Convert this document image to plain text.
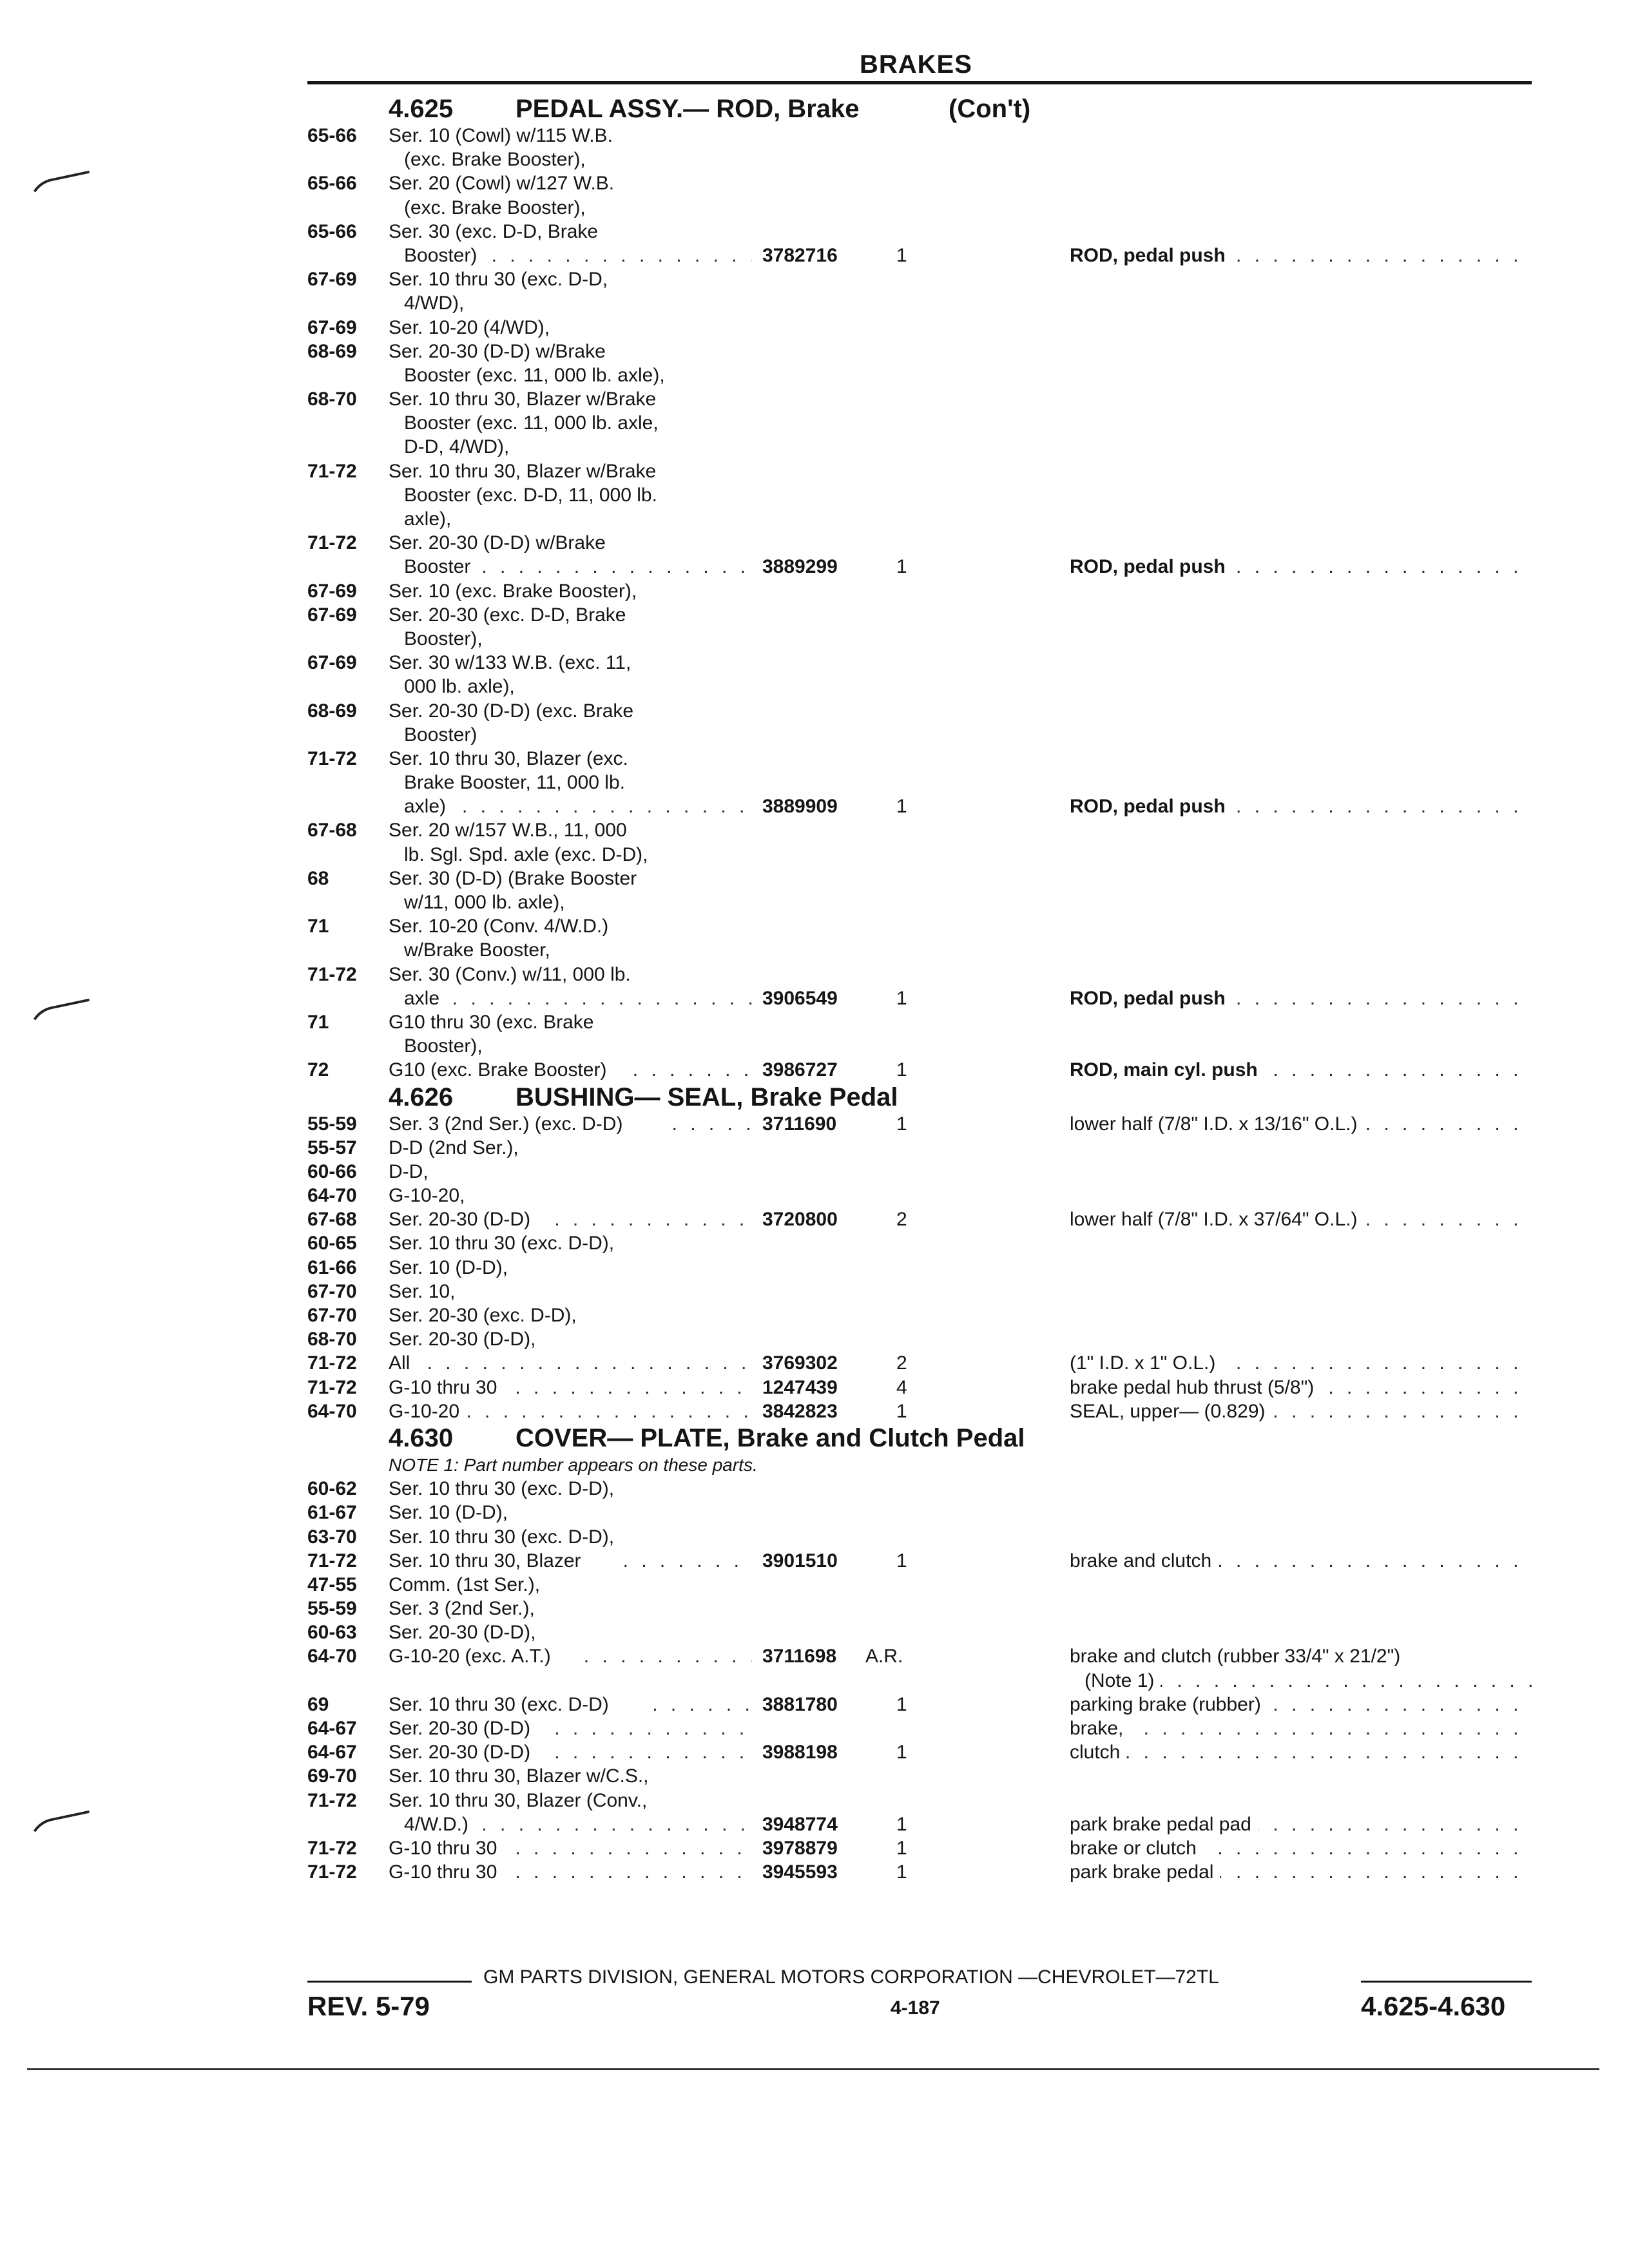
BRAKES
4.625 PEDAL ASSY.— ROD, Brake	(Con't)
65-66 Ser. 10 (Cowl) w/115 W.B.
(exc. Brake Booster),
65-66 Ser. 20 (Cowl) w/127 W.B.
(exc. Brake Booster),
65-66 Ser. 30 (exc. D-D, Brake
Booster) . . .	3782716	1 . . .	ROD, pedal push
67-69 Ser. 10 thru 30 (exc. D-D,
4/WD),
67-69 Ser. 10-20 (4/WD),
68-69 Ser. 20-30 (D-D) w/Brake
Booster (exc. 11, 000 lb. axle),
68-70 Ser. 10 thru 30, Blazer w/Brake
Booster (exc. 11, 000 lb. axle,
D-D, 4/WD),
71-72 Ser. 10 thru 30, Blazer w/Brake
Booster (exc. D-D, 11, 000 lb.
axle),
71-72 Ser. 20-30 (D-D) w/Brake
Booster . . .	3889299	1 . . .	ROD, pedal push
67-69 Ser. 10 (exc. Brake Booster),
67-69 Ser. 20-30 (exc. D-D, Brake
Booster),
67-69 Ser. 30 w/133 W.B. (exc. 11,
000 lb. axle),
68-69 Ser. 20-30 (D-D) (exc. Brake
Booster)
71-72 Ser. 10 thru 30, Blazer (exc.
Brake Booster, 11, 000 lb.
axle) . . .	3889909	1 . . .	ROD, pedal push
67-68 Ser. 20 w/157 W.B., 11, 000
lb. Sgl. Spd. axle (exc. D-D),
68	Ser. 30 (D-D) (Brake Booster
w/11, 000 lb. axle),
71	Ser. 10-20 (Conv. 4/W.D.)
w/Brake Booster,
71-72 Ser. 30 (Conv.) w/11, 000 lb.
axle . . .	3906549	1 . . .	ROD, pedal push
71	G10 thru 30 (exc. Brake
Booster),
72	G10 (exc. Brake Booster) . . .	3986727	1 . . .	ROD, main cyl. push
4.626 BUSHING— SEAL, Brake Pedal
55-59 Ser. 3 (2nd Ser.) (exc. D-D) . . .	3711690	1 . . .	lower half (7/8" I.D. x 13/16" O.L.)
55-57 D-D (2nd Ser.),
60-66 D-D,
64-70 G-10-20,
67-68 Ser. 20-30 (D-D) . . .	3720800	2 . . .	lower half (7/8" I.D. x 37/64" O.L.)
60-65 Ser. 10 thru 30 (exc. D-D),
61-66 Ser. 10 (D-D),
67-70 Ser. 10,
67-70 Ser. 20-30 (exc. D-D),
68-70 Ser. 20-30 (D-D),
71-72 All . . .	3769302	2 . . .	(1" I.D. x 1" O.L.)
71-72 G-10 thru 30 . . .	1247439	4 . . .	brake pedal hub thrust (5/8")
64-70 G-10-20 . . .	3842823	1 . . .	SEAL, upper— (0.829)
4.630 COVER— PLATE, Brake and Clutch Pedal
NOTE 1: Part number appears on these parts.
60-62 Ser. 10 thru 30 (exc. D-D),
61-67 Ser. 10 (D-D),
63-70 Ser. 10 thru 30 (exc. D-D),
71-72 Ser. 10 thru 30, Blazer . . .	3901510	1 . . .	brake and clutch
47-55 Comm. (1st Ser.),
55-59 Ser. 3 (2nd Ser.),
60-63 Ser. 20-30 (D-D),
64-70 G-10-20 (exc. A.T.) . . .	3711698 A.R.	brake and clutch (rubber 33/4" x 21/2")
. . .
(Note 1)
69	Ser. 10 thru 30 (exc. D-D) . . .	3881780	1 . . .	parking brake (rubber)
64-67 Ser. 20-30 (D-D) . . . . . .	brake,
64-67 Ser. 20-30 (D-D) . . .	3988198	1 . . .	clutch
69-70 Ser. 10 thru 30, Blazer w/C.S.,
71-72 Ser. 10 thru 30, Blazer (Conv.,
4/W.D.) . . .	3948774	1 . . .	park brake pedal pad
71-72 G-10 thru 30 . . .	3978879	1 . . .	brake or clutch
71-72 G-10 thru 30 . . .	3945593	1 . . .	park brake pedal
GM PARTS DIVISION, GENERAL MOTORS CORPORATION —CHEVROLET—72TL
REV. 5-79	4-187	4.625-4.630
